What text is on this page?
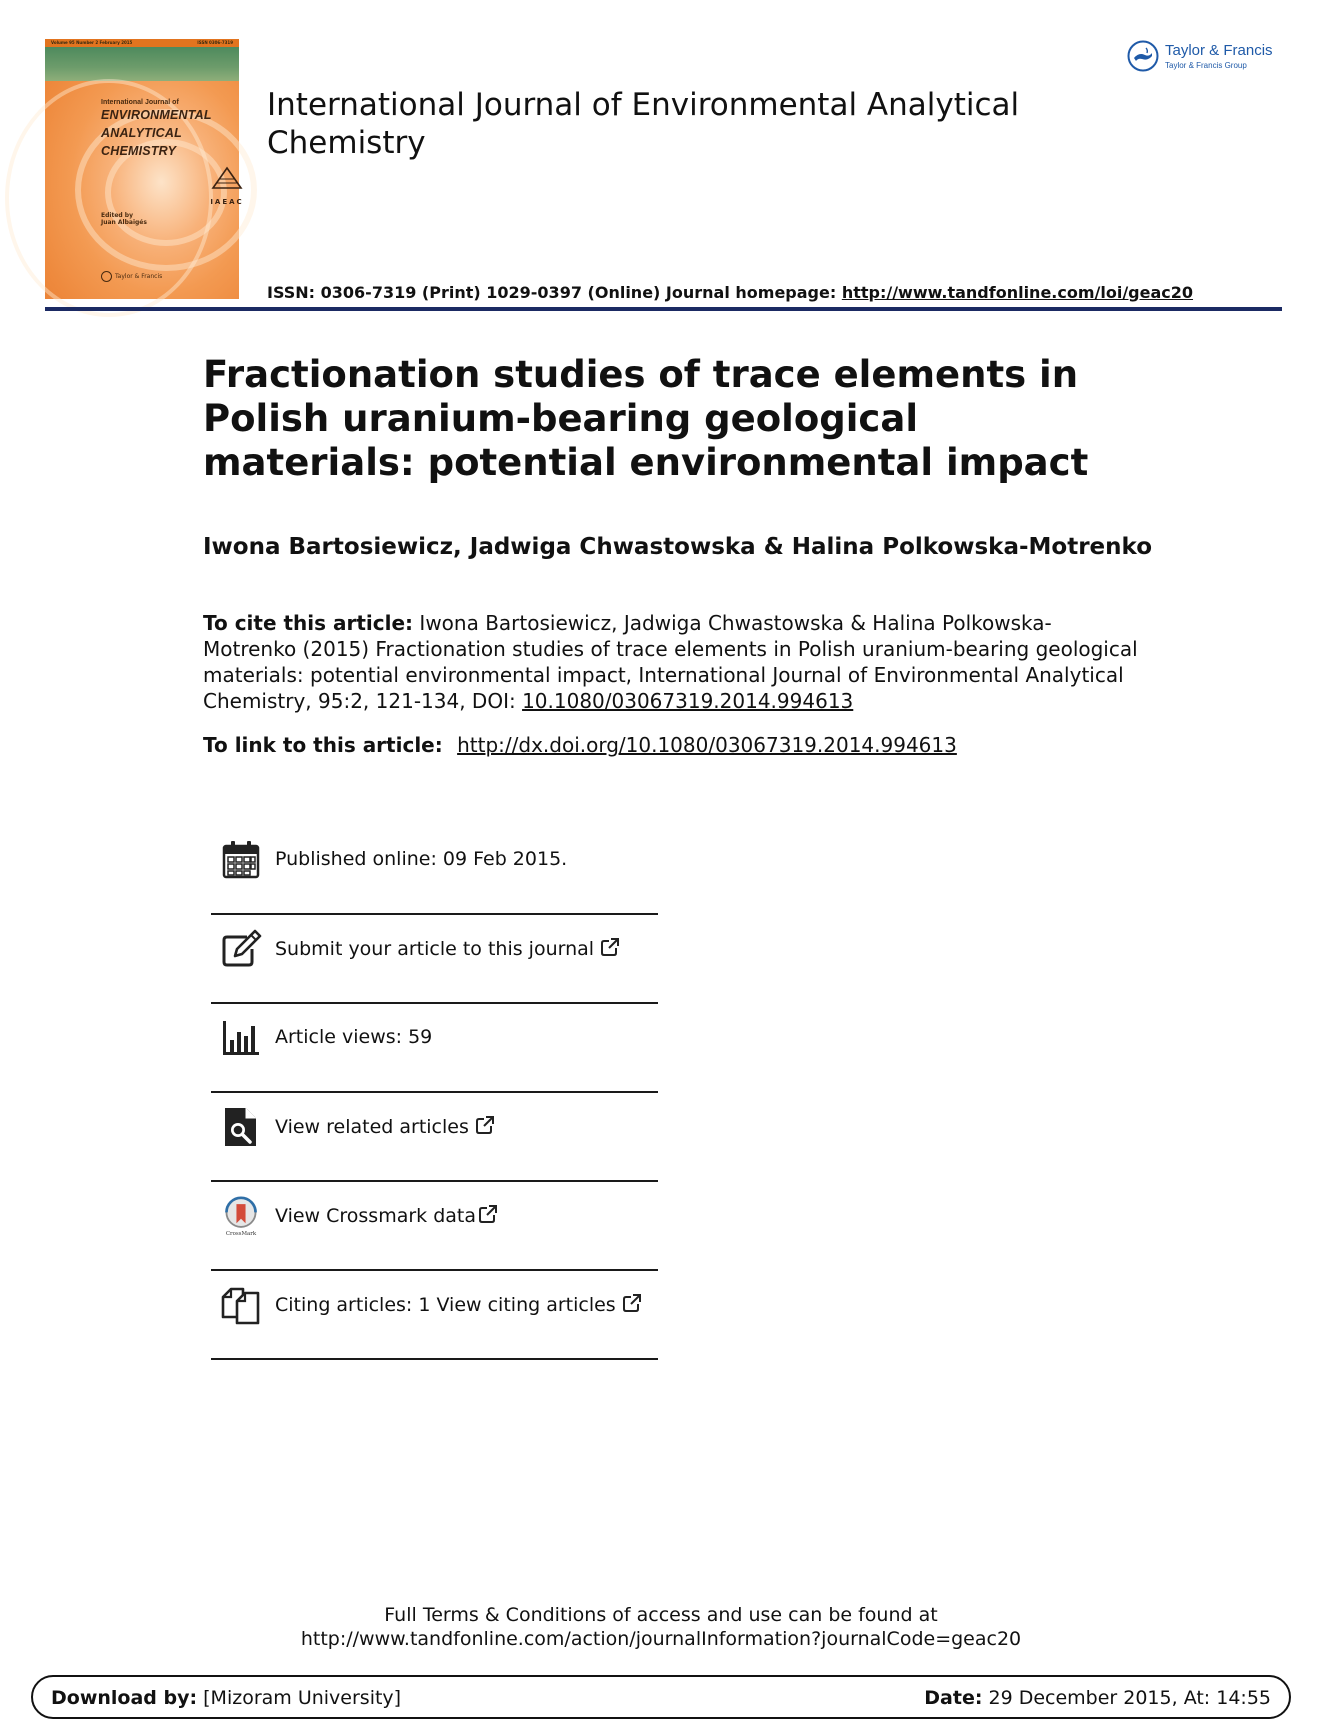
Volume 95 Number 2 February 2015	ISSN 0306-7319
International Journal of
ENVIRONMENTAL
ANALYTICAL
CHEMISTRY
IAEAC
Edited by
Juan Albaigés
Taylor & Francis
International Journal of Environmental Analytical Chemistry
Taylor & Francis
Taylor & Francis Group
ISSN: 0306-7319 (Print) 1029-0397 (Online) Journal homepage: http://www.tandfonline.com/loi/geac20
Fractionation studies of trace elements in Polish uranium-bearing geological materials: potential environmental impact
Iwona Bartosiewicz, Jadwiga Chwastowska & Halina Polkowska-Motrenko
To cite this article: Iwona Bartosiewicz, Jadwiga Chwastowska & Halina Polkowska-Motrenko (2015) Fractionation studies of trace elements in Polish uranium-bearing geological materials: potential environmental impact, International Journal of Environmental Analytical Chemistry, 95:2, 121-134, DOI: 10.1080/03067319.2014.994613
To link to this article: http://dx.doi.org/10.1080/03067319.2014.994613
Published online: 09 Feb 2015.
Submit your article to this journal
Article views: 59
View related articles
CrossMark
View Crossmark data
Citing articles: 1 View citing articles
Full Terms & Conditions of access and use can be found at
http://www.tandfonline.com/action/journalInformation?journalCode=geac20
Download by: [Mizoram University]	Date: 29 December 2015, At: 14:55
